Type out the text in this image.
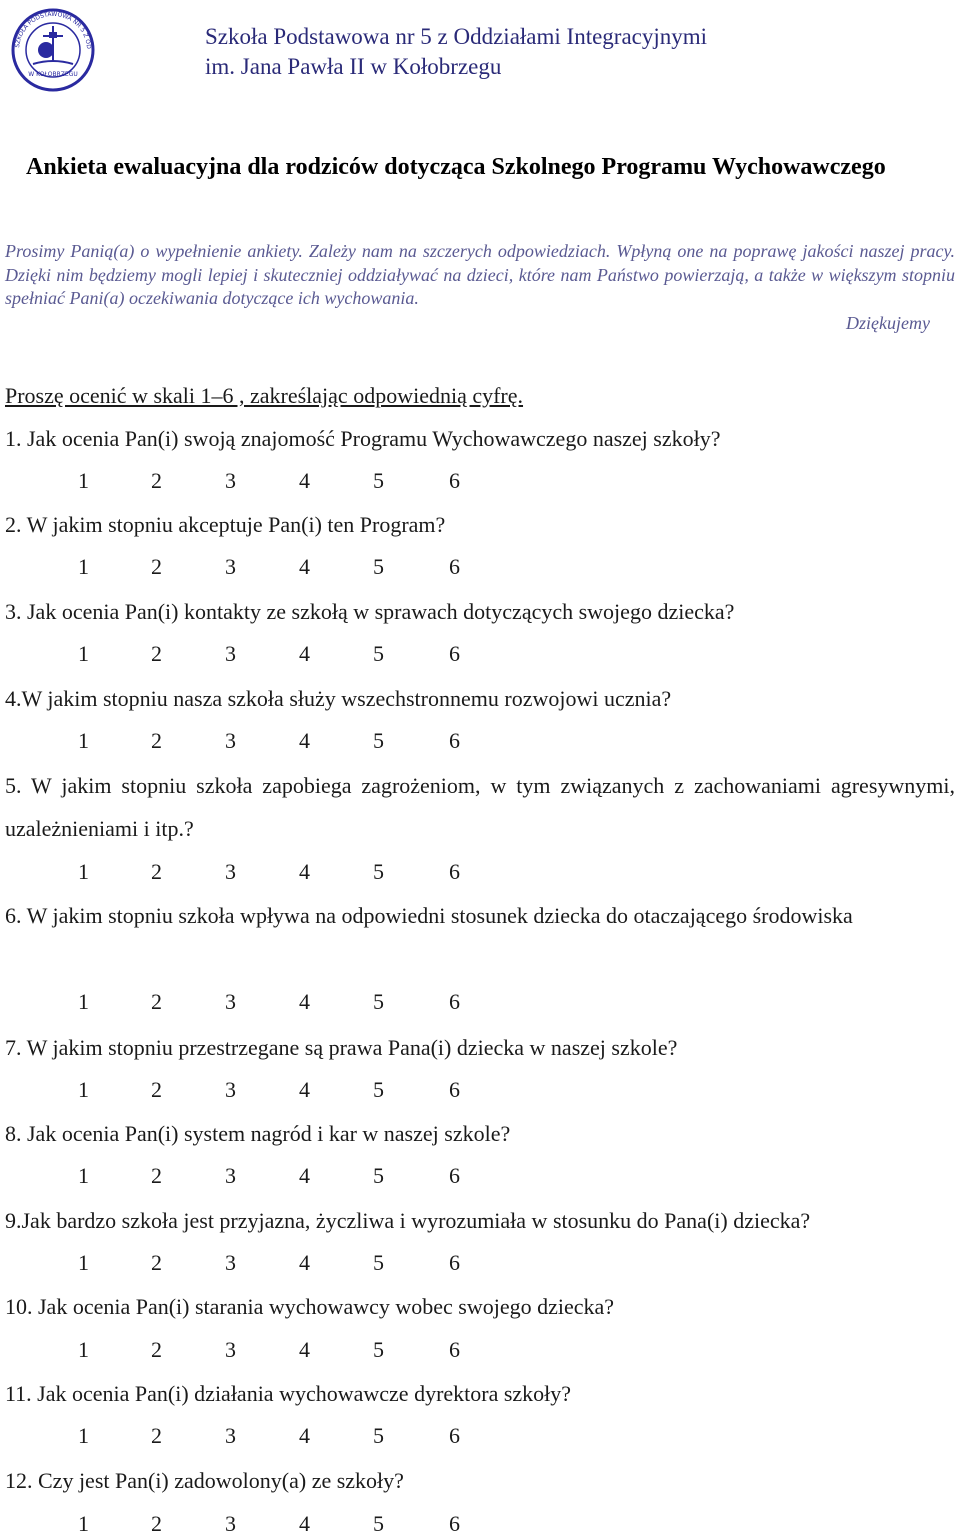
SZKOŁA PODSTAWOWA NR 5 Z OD
W KOŁOBRZEGU
Szkoła Podstawowa nr 5 z Oddziałami Integracyjnymi
im. Jana Pawła II w Kołobrzegu
Ankieta ewaluacyjna dla rodziców dotycząca Szkolnego Programu Wychowawczego
Prosimy Panią(a) o wypełnienie ankiety. Zależy nam na szczerych odpowiedziach. Wpłyną one na poprawę jakości naszej pracy. Dzięki nim będziemy mogli lepiej i skuteczniej oddziaływać na dzieci, które nam Państwo powierzają, a także w większym stopniu spełniać Pani(a) oczekiwania dotyczące ich wychowania.
Dziękujemy
Proszę ocenić w skali 1–6 , zakreślając odpowiednią cyfrę.
1. Jak ocenia Pan(i) swoją znajomość Programu Wychowawczego naszej szkoły?
1	2	3	4	5	6
2. W jakim stopniu akceptuje Pan(i) ten Program?
1	2	3	4	5	6
3. Jak ocenia Pan(i) kontakty ze szkołą w sprawach dotyczących swojego dziecka?
1	2	3	4	5	6
4.W jakim stopniu nasza szkoła służy wszechstronnemu rozwojowi ucznia?
1	2	3	4	5	6
5. W jakim stopniu szkoła zapobiega zagrożeniom, w tym związanych z zachowaniami agresywnymi, uzależnieniami i itp.?
1	2	3	4	5	6
6. W jakim stopniu szkoła wpływa na odpowiedni stosunek dziecka do otaczającego środowiska
1	2	3	4	5	6
7. W jakim stopniu przestrzegane są prawa Pana(i) dziecka w naszej szkole?
1	2	3	4	5	6
8. Jak ocenia Pan(i) system nagród i kar w naszej szkole?
1	2	3	4	5	6
9.Jak bardzo szkoła jest przyjazna, życzliwa i wyrozumiała w stosunku do Pana(i) dziecka?
1	2	3	4	5	6
10. Jak ocenia Pan(i) starania wychowawcy wobec swojego dziecka?
1	2	3	4	5	6
11. Jak ocenia Pan(i) działania wychowawcze dyrektora szkoły?
1	2	3	4	5	6
12. Czy jest Pan(i) zadowolony(a) ze szkoły?
1	2	3	4	5	6
